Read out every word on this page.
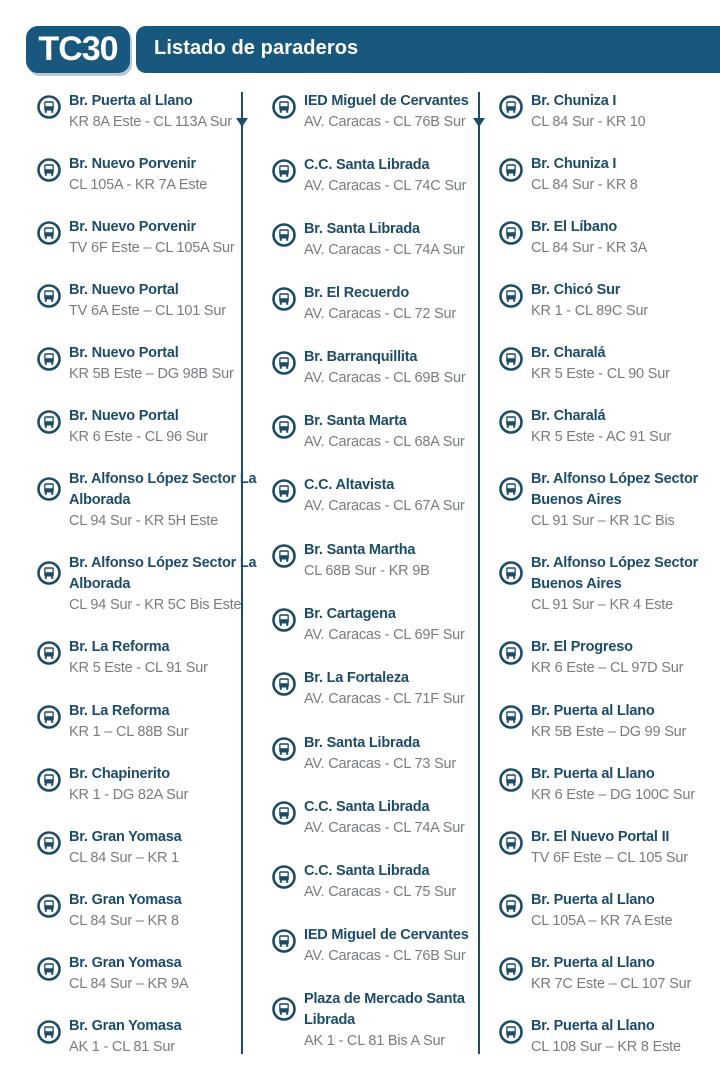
TC30	Listado de paraderos
Br. Puerta al Llano
KR 8A Este - CL 113A Sur
Br. Nuevo Porvenir
CL 105A - KR 7A Este
Br. Nuevo Porvenir
TV 6F Este – CL 105A Sur
Br. Nuevo Portal
TV 6A Este – CL 101 Sur
Br. Nuevo Portal
KR 5B Este – DG 98B Sur
Br. Nuevo Portal
KR 6 Este - CL 96 Sur
Br. Alfonso López Sector La Alborada
CL 94 Sur - KR 5H Este
Br. Alfonso López Sector La Alborada
CL 94 Sur - KR 5C Bis Este
Br. La Reforma
KR 5 Este - CL 91 Sur
Br. La Reforma
KR 1 – CL 88B Sur
Br. Chapinerito
KR 1 - DG 82A Sur
Br. Gran Yomasa
CL 84 Sur – KR 1
Br. Gran Yomasa
CL 84 Sur – KR 8
Br. Gran Yomasa
CL 84 Sur – KR 9A
Br. Gran Yomasa
AK 1 - CL 81 Sur
IED Miguel de Cervantes
AV. Caracas - CL 76B Sur
C.C. Santa Librada
AV. Caracas - CL 74C Sur
Br. Santa Librada
AV. Caracas - CL 74A Sur
Br. El Recuerdo
AV. Caracas - CL 72 Sur
Br. Barranquillita
AV. Caracas - CL 69B Sur
Br. Santa Marta
AV. Caracas - CL 68A Sur
C.C. Altavista
AV. Caracas - CL 67A Sur
Br. Santa Martha
CL 68B Sur - KR 9B
Br. Cartagena
AV. Caracas - CL 69F Sur
Br. La Fortaleza
AV. Caracas - CL 71F Sur
Br. Santa Librada
AV. Caracas - CL 73 Sur
C.C. Santa Librada
AV. Caracas - CL 74A Sur
C.C. Santa Librada
AV. Caracas - CL 75 Sur
IED Miguel de Cervantes
AV. Caracas - CL 76B Sur
Plaza de Mercado Santa Librada
AK 1 - CL 81 Bis A Sur
Br. Chuniza I
CL 84 Sur - KR 10
Br. Chuniza I
CL 84 Sur - KR 8
Br. El Líbano
CL 84 Sur - KR 3A
Br. Chicó Sur
KR 1 - CL 89C Sur
Br. Charalá
KR 5 Este - CL 90 Sur
Br. Charalá
KR 5 Este - AC 91 Sur
Br. Alfonso López Sector Buenos Aires
CL 91 Sur – KR 1C Bis
Br. Alfonso López Sector Buenos Aires
CL 91 Sur – KR 4 Este
Br. El Progreso
KR 6 Este – CL 97D Sur
Br. Puerta al Llano
KR 5B Este – DG 99 Sur
Br. Puerta al Llano
KR 6 Este – DG 100C Sur
Br. El Nuevo Portal II
TV 6F Este – CL 105 Sur
Br. Puerta al Llano
CL 105A – KR 7A Este
Br. Puerta al Llano
KR 7C Este – CL 107 Sur
Br. Puerta al Llano
CL 108 Sur – KR 8 Este
